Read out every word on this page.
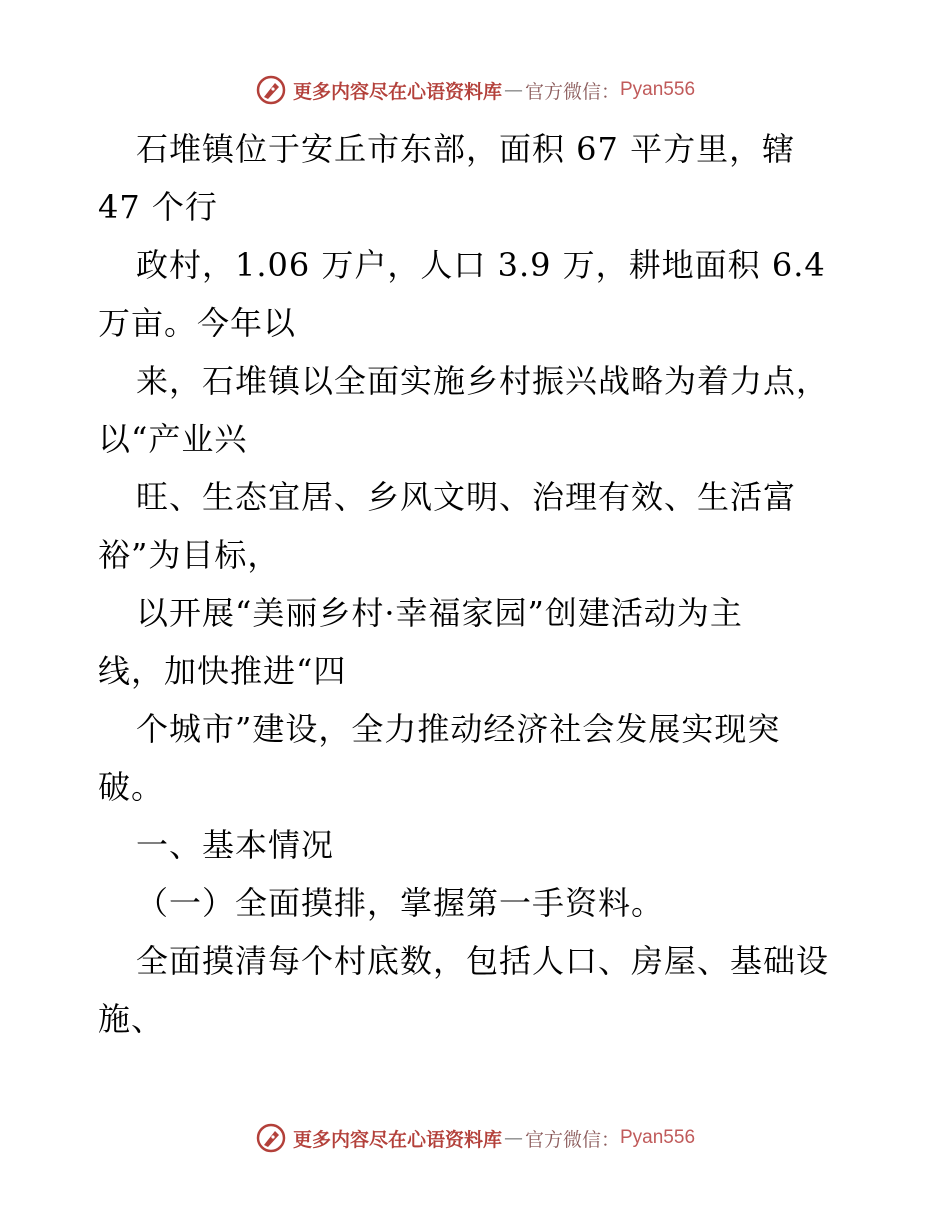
更多内容尽在心语资料库 — 官方微信： Pyan556
石堆镇位于安丘市东部，面积 67 平方里，辖
47 个行
政村，1.06 万户，人口 3.9 万，耕地面积 6.4
万亩。今年以
来，石堆镇以全面实施乡村振兴战略为着力点，
以“产业兴
旺、生态宜居、乡风文明、治理有效、生活富
裕”为目标，
以开展“美丽乡村·幸福家园”创建活动为主
线，加快推进“四
个城市”建设，全力推动经济社会发展实现突
破。
一、基本情况
（一）全面摸排，掌握第一手资料。
全面摸清每个村底数，包括人口、房屋、基础设
施、
更多内容尽在心语资料库 — 官方微信： Pyan556
